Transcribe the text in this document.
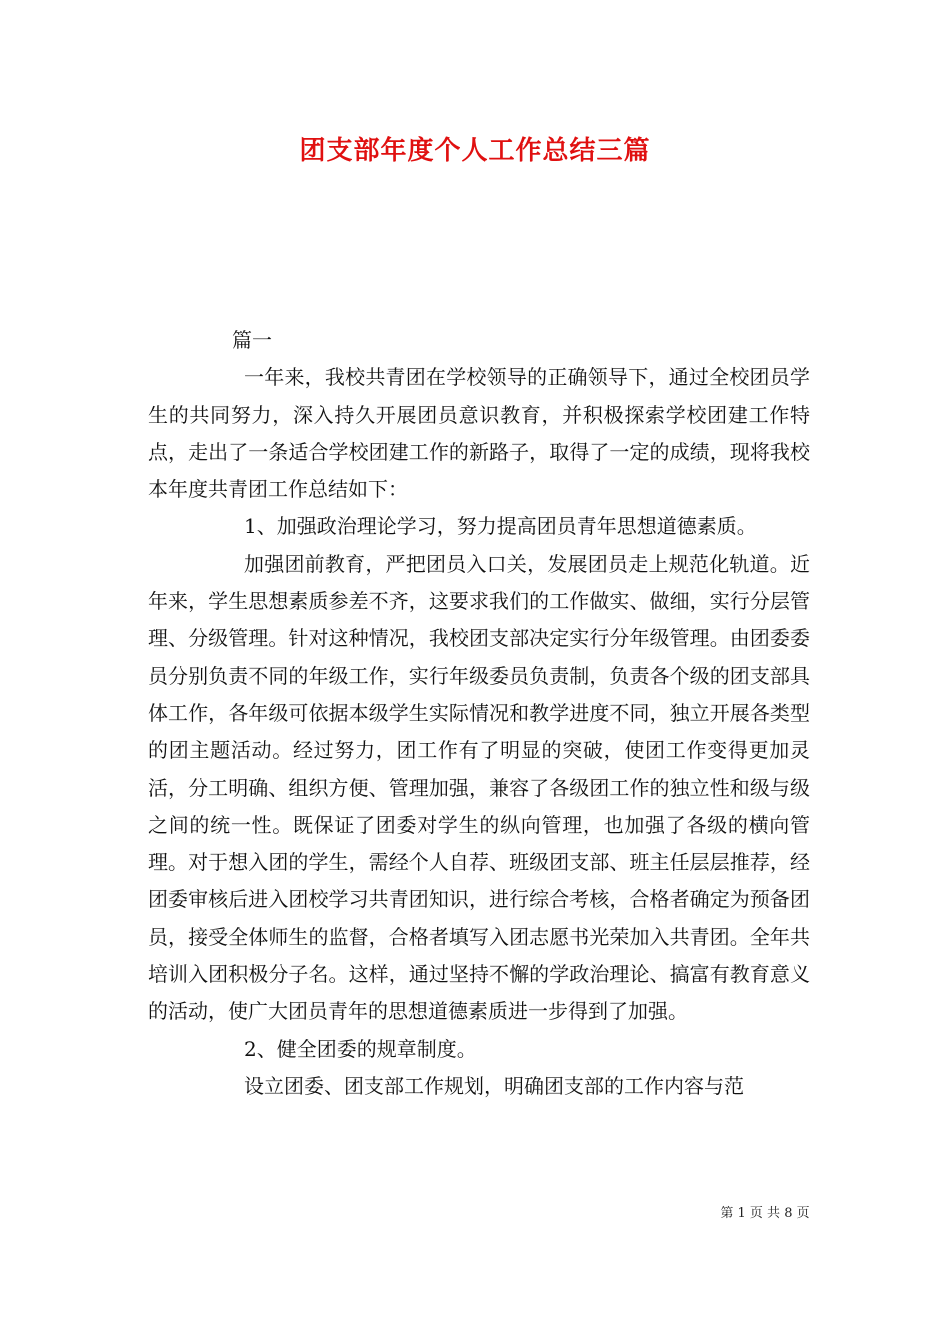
团支部年度个人工作总结三篇

篇一

一年来，我校共青团在学校领导的正确领导下，通过全校团员学生的共同努力，深入持久开展团员意识教育，并积极探索学校团建工作特点，走出了一条适合学校团建工作的新路子，取得了一定的成绩，现将我校本年度共青团工作总结如下：

1、加强政治理论学习，努力提高团员青年思想道德素质。

加强团前教育，严把团员入口关，发展团员走上规范化轨道。近年来，学生思想素质参差不齐，这要求我们的工作做实、做细，实行分层管理、分级管理。针对这种情况，我校团支部决定实行分年级管理。由团委委员分别负责不同的年级工作，实行年级委员负责制，负责各个级的团支部具体工作，各年级可依据本级学生实际情况和教学进度不同，独立开展各类型的团主题活动。经过努力，团工作有了明显的突破，使团工作变得更加灵活，分工明确、组织方便、管理加强，兼容了各级团工作的独立性和级与级之间的统一性。既保证了团委对学生的纵向管理，也加强了各级的横向管理。对于想入团的学生，需经个人自荐、班级团支部、班主任层层推荐，经团委审核后进入团校学习共青团知识，进行综合考核，合格者确定为预备团员，接受全体师生的监督，合格者填写入团志愿书光荣加入共青团。全年共培训入团积极分子名。这样，通过坚持不懈的学政治理论、搞富有教育意义的活动，使广大团员青年的思想道德素质进一步得到了加强。

2、健全团委的规章制度。

设立团委、团支部工作规划，明确团支部的工作内容与范

第 1 页 共 8 页
